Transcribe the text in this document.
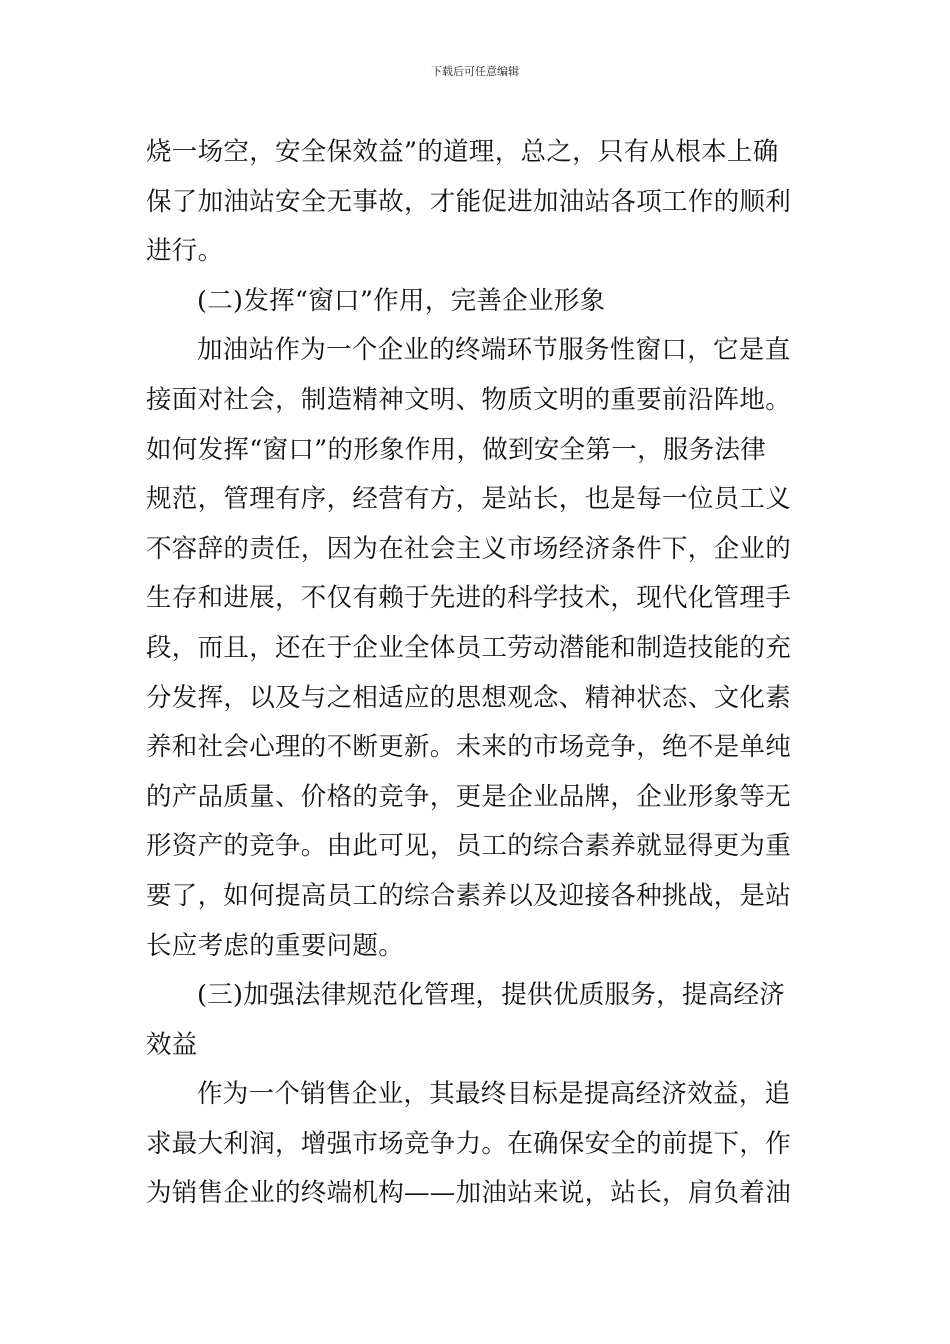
下载后可任意编辑
烧一场空，安全保效益”的道理，总之，只有从根本上确
保了加油站安全无事故，才能促进加油站各项工作的顺利
进行。
(二)发挥“窗口”作用，完善企业形象
加油站作为一个企业的终端环节服务性窗口，它是直
接面对社会，制造精神文明、物质文明的重要前沿阵地。
如何发挥“窗口”的形象作用，做到安全第一，服务法律
规范，管理有序，经营有方，是站长，也是每一位员工义
不容辞的责任，因为在社会主义市场经济条件下，企业的
生存和进展，不仅有赖于先进的科学技术，现代化管理手
段，而且，还在于企业全体员工劳动潜能和制造技能的充
分发挥，以及与之相适应的思想观念、精神状态、文化素
养和社会心理的不断更新。未来的市场竞争，绝不是单纯
的产品质量、价格的竞争，更是企业品牌，企业形象等无
形资产的竞争。由此可见，员工的综合素养就显得更为重
要了，如何提高员工的综合素养以及迎接各种挑战，是站
长应考虑的重要问题。
(三)加强法律规范化管理，提供优质服务，提高经济
效益
作为一个销售企业，其最终目标是提高经济效益，追
求最大利润，增强市场竞争力。在确保安全的前提下，作
为销售企业的终端机构——加油站来说，站长，肩负着油
